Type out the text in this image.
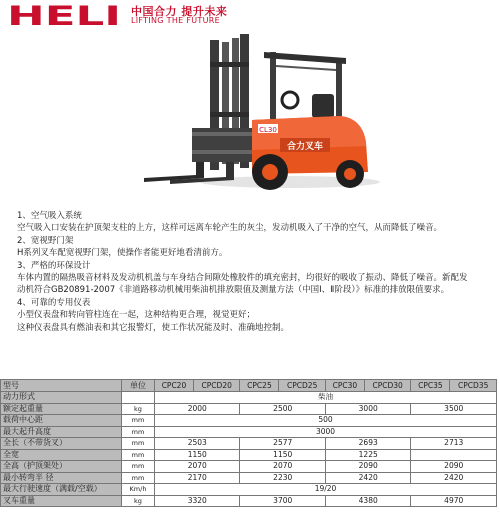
HELI 中国合力 提升未来
LIFTING THE FUTURE
合力叉车
CL30

1、空气吸入系统

空气吸入口安装在护顶架支柱的上方，这样可远离车轮产生的灰尘，发动机吸入了干净的空气，从而降低了噪音。

2、宽视野门架

H系列叉车配宽视野门架，使操作者能更好地看清前方。

3、严格的环保设计

车体内置的隔热吸音材料及发动机机盖与车身结合间隙处橡胶件的填充密封，均很好的吸收了振动、降低了噪音。新配发

动机符合GB20891-2007《非道路移动机械用柴油机排放限值及测量方法（中国Ⅰ、Ⅱ阶段）》标准的排放限值要求。

4、可靠的专用仪表

小型仪表盘和转向管柱连在一起，这种结构更合理，视觉更好；

这种仪表盘具有燃油表和其它报警灯，使工作状况能及时、准确地控制。

型号	单位	CPC20	CPCD20	CPC25	CPCD25	CPC30	CPCD30	CPC35	CPCD35
动力形式		柴油							
额定起重量	kg	2000		2500		3000		3500	
载荷中心距	mm	500							
最大起升高度	mm	3000							
全长（不带货叉）	mm	2503		2577		2693		2713	
全宽	mm	1150		1150		1225			
全高（护顶架处）	mm	2070		2070		2090		2090	
最小转弯半 径	mm	2170		2230		2420		2420	
最大行驶速度（满载/空载）	Km/h	19/20							
叉车重量	kg	3320		3700		4380		4970	
